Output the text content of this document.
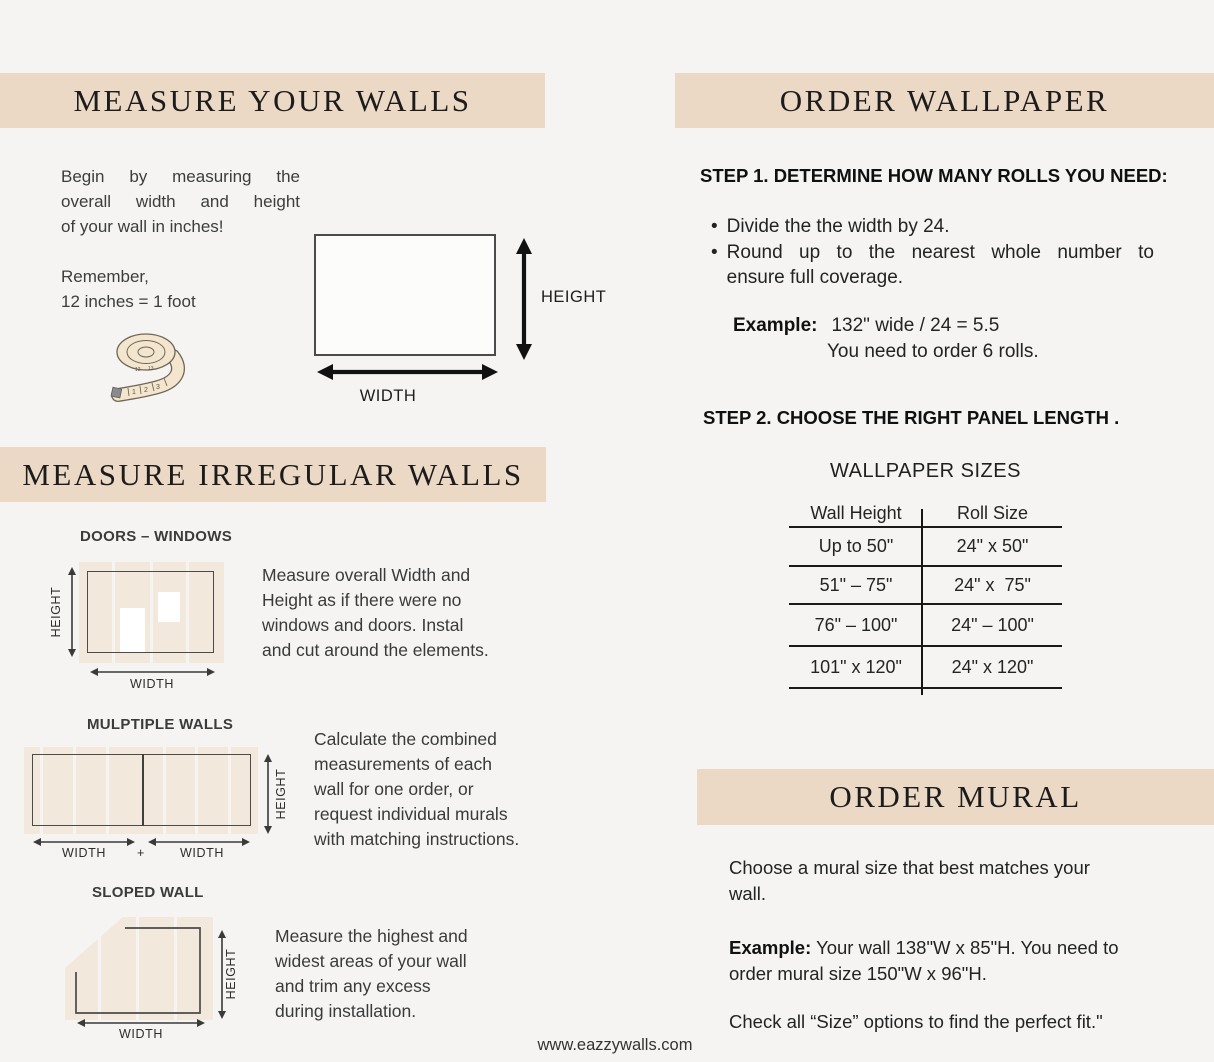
MEASURE YOUR WALLS
Begin by measuring the
overall width and height
of your wall in inches!
Remember,
12 inches = 1 foot
1 2 3
12 13
HEIGHT
WIDTH
MEASURE IRREGULAR WALLS
DOORS – WINDOWS
HEIGHT
WIDTH
Measure overall Width and
Height as if there were no
windows and doors. Instal
and cut around the elements.
MULPTIPLE WALLS
HEIGHT
WIDTH	+	WIDTH
Calculate the combined
measurements of each
wall for one order, or
request individual murals
with matching instructions.
SLOPED WALL
HEIGHT
WIDTH
Measure the highest and
widest areas of your wall
and trim any excess
during installation.
ORDER WALLPAPER
STEP 1. DETERMINE HOW MANY ROLLS YOU NEED:
• Divide the the width by 24.
• Round up to the nearest whole number to
ensure full coverage.
Example: 132" wide / 24 = 5.5
You need to order 6 rolls.
STEP 2. CHOOSE THE RIGHT PANEL LENGTH .
WALLPAPER SIZES
Wall Height	Roll Size
Up to 50"	24" x 50"
51" – 75"	24" x  75"
76" – 100"	24" – 100"
101" x 120"	24" x 120"
ORDER MURAL
Choose a mural size that best matches your
wall.
Example: Your wall 138"W x 85"H. You need to
order mural size 150"W x 96"H.
Check all “Size” options to find the perfect fit."
www.eazzywalls.com
